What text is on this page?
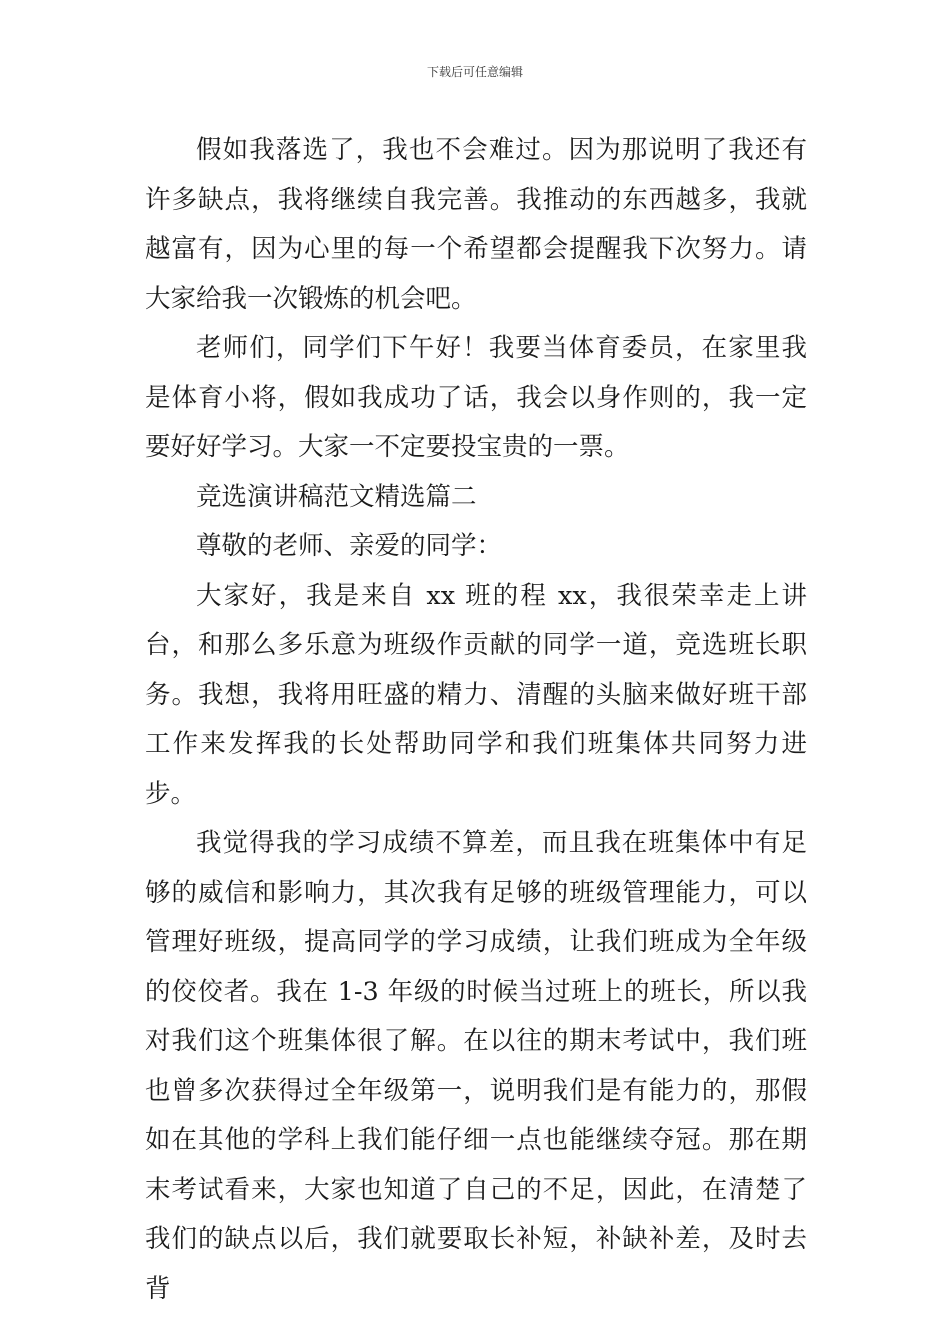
下载后可任意编辑

假如我落选了，我也不会难过。因为那说明了我还有许多缺点，我将继续自我完善。我推动的东西越多，我就越富有，因为心里的每一个希望都会提醒我下次努力。请大家给我一次锻炼的机会吧。

老师们，同学们下午好！我要当体育委员，在家里我是体育小将，假如我成功了话，我会以身作则的，我一定要好好学习。大家一不定要投宝贵的一票。

竞选演讲稿范文精选篇二

尊敬的老师、亲爱的同学：

大家好，我是来自 xx 班的程 xx，我很荣幸走上讲台，和那么多乐意为班级作贡献的同学一道，竞选班长职务。我想，我将用旺盛的精力、清醒的头脑来做好班干部工作来发挥我的长处帮助同学和我们班集体共同努力进步。

我觉得我的学习成绩不算差，而且我在班集体中有足够的威信和影响力，其次我有足够的班级管理能力，可以管理好班级，提高同学的学习成绩，让我们班成为全年级的佼佼者。我在 1-3 年级的时候当过班上的班长，所以我对我们这个班集体很了解。在以往的期末考试中，我们班也曾多次获得过全年级第一，说明我们是有能力的，那假如在其他的学科上我们能仔细一点也能继续夺冠。那在期末考试看来，大家也知道了自己的不足，因此，在清楚了我们的缺点以后，我们就要取长补短，补缺补差，及时去背
